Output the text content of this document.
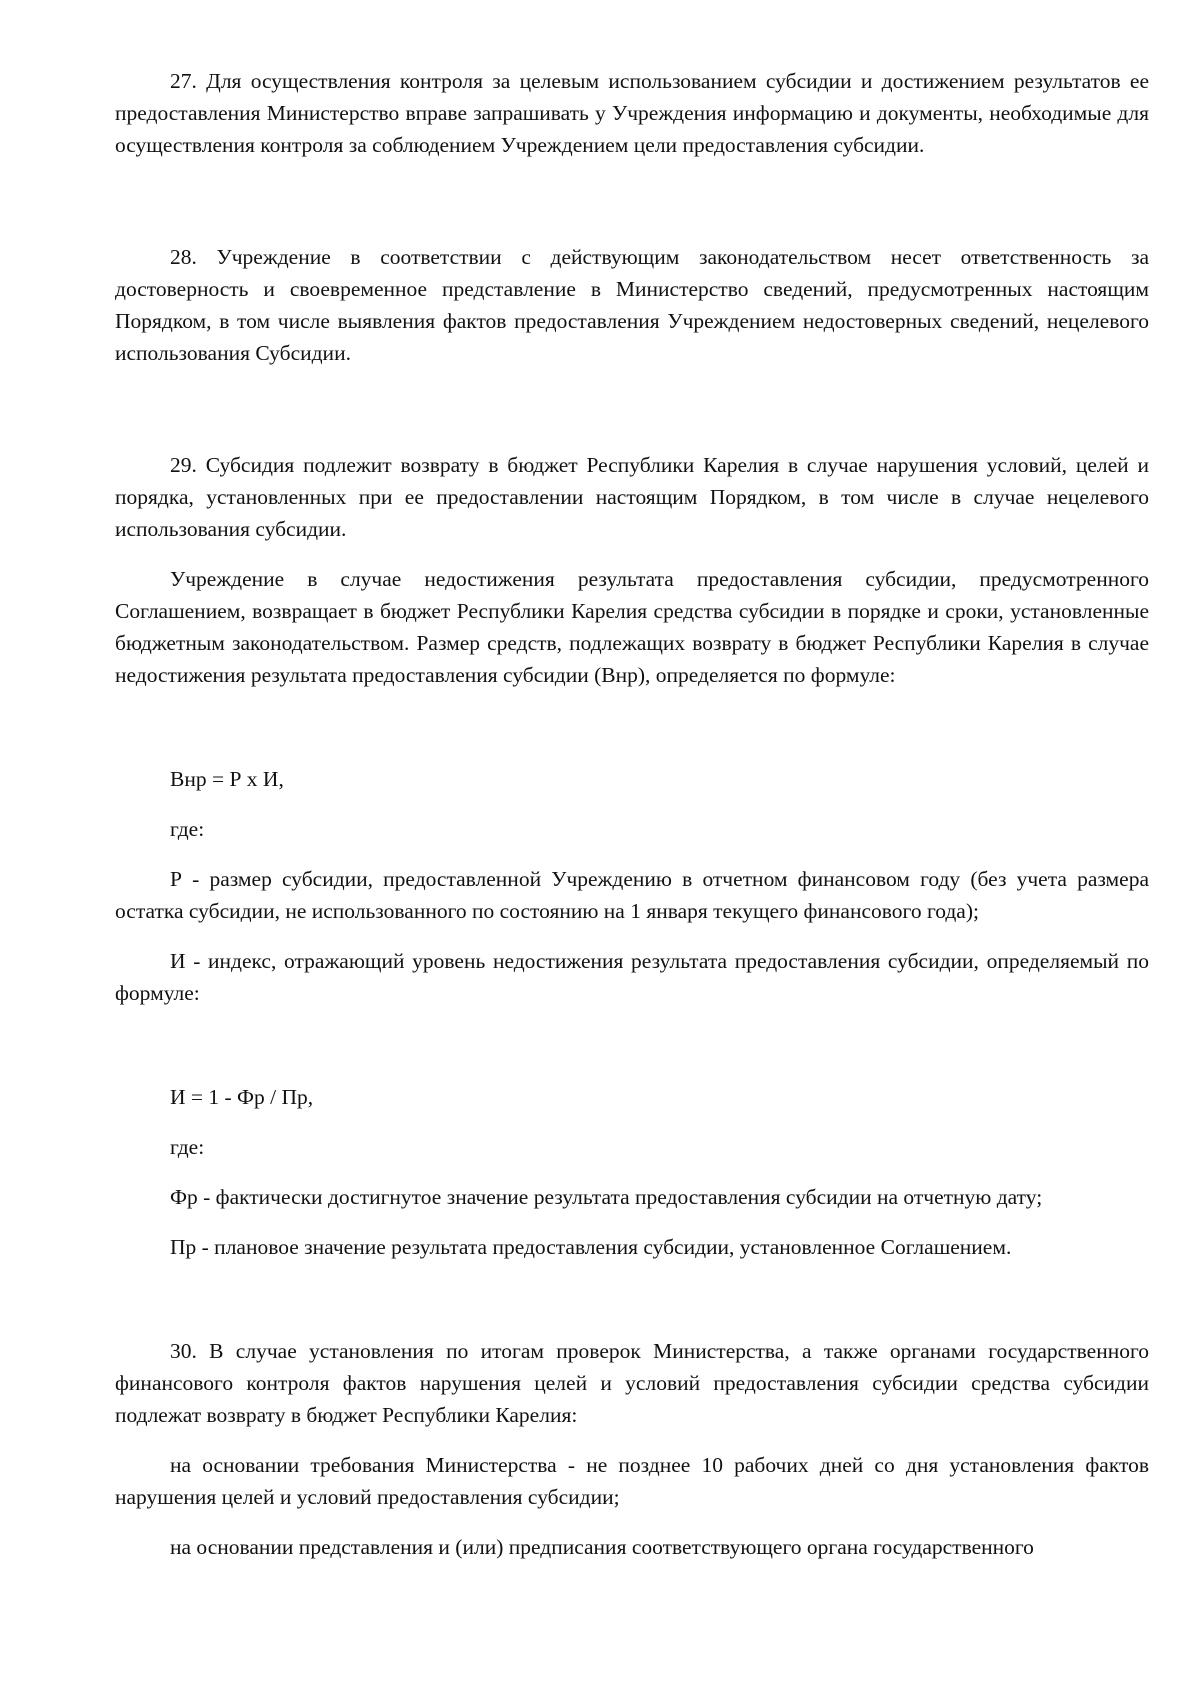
27. Для осуществления контроля за целевым использованием субсидии и достижением результатов ее предоставления Министерство вправе запрашивать у Учреждения информацию и документы, необходимые для осуществления контроля за соблюдением Учреждением цели предоставления субсидии.

28. Учреждение в соответствии с действующим законодательством несет ответственность за достоверность и своевременное представление в Министерство сведений, предусмотренных настоящим Порядком, в том числе выявления фактов предоставления Учреждением недостоверных сведений, нецелевого использования Субсидии.

29. Субсидия подлежит возврату в бюджет Республики Карелия в случае нарушения условий, целей и порядка, установленных при ее предоставлении настоящим Порядком, в том числе в случае нецелевого использования субсидии.

Учреждение в случае недостижения результата предоставления субсидии, предусмотренного Соглашением, возвращает в бюджет Республики Карелия средства субсидии в порядке и сроки, установленные бюджетным законодательством. Размер средств, подлежащих возврату в бюджет Республики Карелия в случае недостижения результата предоставления субсидии (Внр), определяется по формуле:

Внр = Р х И,

где:

Р - размер субсидии, предоставленной Учреждению в отчетном финансовом году (без учета размера остатка субсидии, не использованного по состоянию на 1 января текущего финансового года);

И - индекс, отражающий уровень недостижения результата предоставления субсидии, определяемый по формуле:

И = 1 - Фр / Пр,

где:

Фр - фактически достигнутое значение результата предоставления субсидии на отчетную дату;

Пр - плановое значение результата предоставления субсидии, установленное Соглашением.

30. В случае установления по итогам проверок Министерства, а также органами государственного финансового контроля фактов нарушения целей и условий предоставления субсидии средства субсидии подлежат возврату в бюджет Республики Карелия:

на основании требования Министерства - не позднее 10 рабочих дней со дня установления фактов нарушения целей и условий предоставления субсидии;

на основании представления и (или) предписания соответствующего органа государственного
